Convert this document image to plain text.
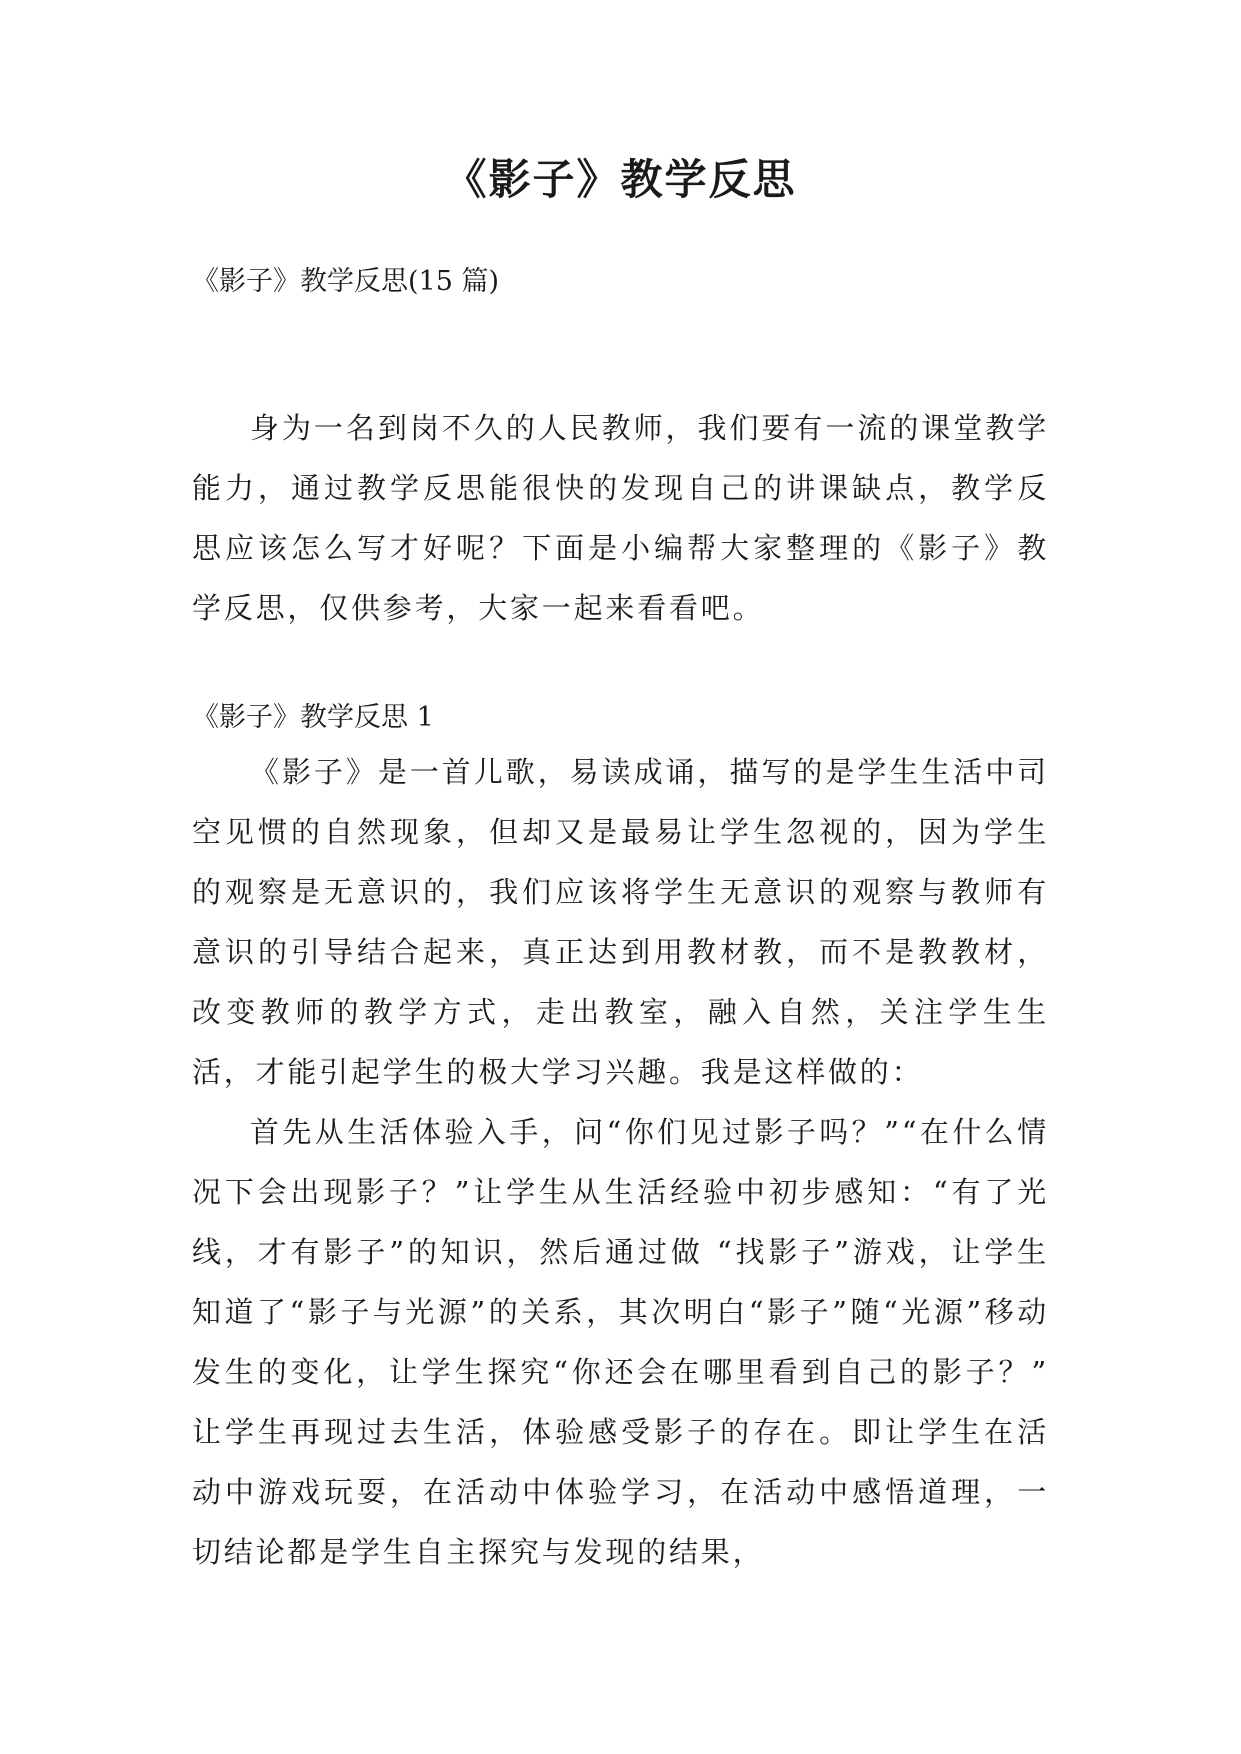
《影子》教学反思

《影子》教学反思(15 篇)

身为一名到岗不久的人民教师，我们要有一流的课堂教学能力，通过教学反思能很快的发现自己的讲课缺点，教学反思应该怎么写才好呢？下面是小编帮大家整理的《影子》教学反思，仅供参考，大家一起来看看吧。

《影子》教学反思 1

《影子》是一首儿歌，易读成诵，描写的是学生生活中司空见惯的自然现象，但却又是最易让学生忽视的，因为学生的观察是无意识的，我们应该将学生无意识的观察与教师有意识的引导结合起来，真正达到用教材教，而不是教教材，改变教师的教学方式，走出教室，融入自然，关注学生生活，才能引起学生的极大学习兴趣。我是这样做的：

首先从生活体验入手，问“你们见过影子吗？”“在什么情况下会出现影子？”让学生从生活经验中初步感知：“有了光线，才有影子”的知识，然后通过做 “找影子”游戏，让学生知道了“影子与光源”的关系，其次明白“影子”随“光源”移动发生的变化，让学生探究“你还会在哪里看到自己的影子？” 让学生再现过去生活，体验感受影子的存在。即让学生在活动中游戏玩耍，在活动中体验学习，在活动中感悟道理，一切结论都是学生自主探究与发现的结果，
